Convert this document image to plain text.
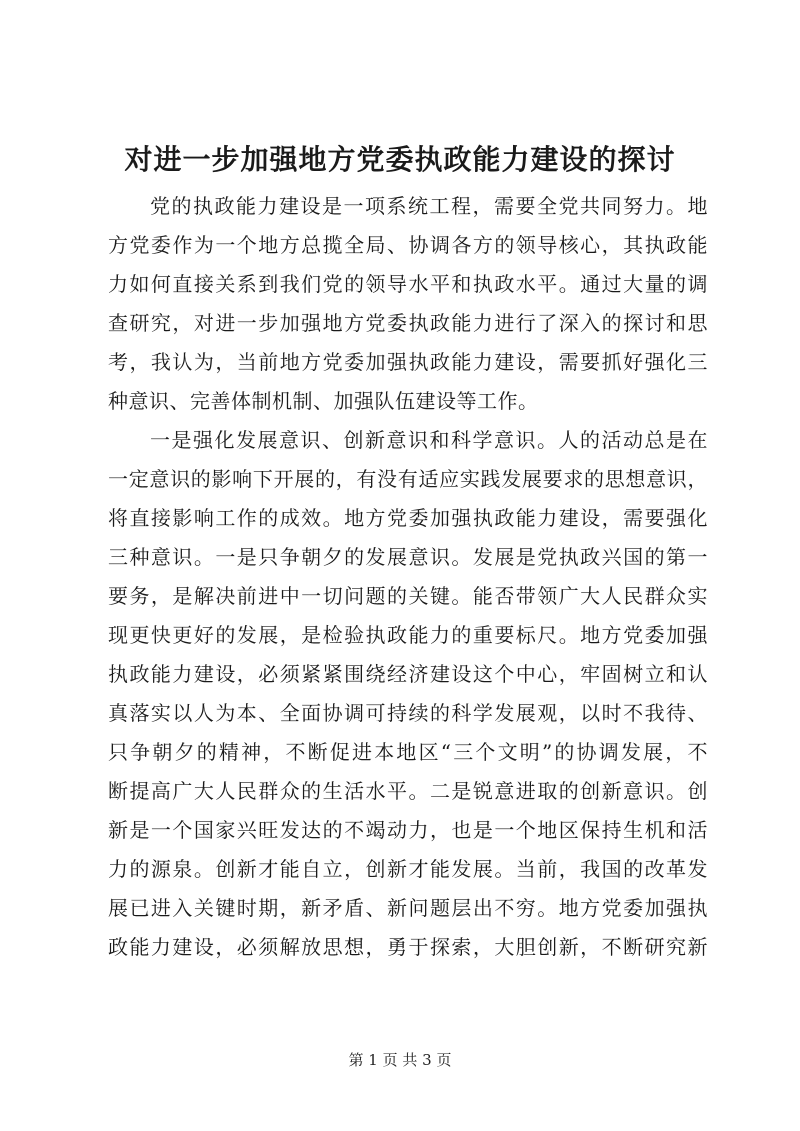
对进一步加强地方党委执政能力建设的探讨
党的执政能力建设是一项系统工程，需要全党共同努力。地
方党委作为一个地方总揽全局、协调各方的领导核心，其执政能
力如何直接关系到我们党的领导水平和执政水平。通过大量的调
查研究，对进一步加强地方党委执政能力进行了深入的探讨和思
考，我认为，当前地方党委加强执政能力建设，需要抓好强化三
种意识、完善体制机制、加强队伍建设等工作。
一是强化发展意识、创新意识和科学意识。人的活动总是在
一定意识的影响下开展的，有没有适应实践发展要求的思想意识，
将直接影响工作的成效。地方党委加强执政能力建设，需要强化
三种意识。一是只争朝夕的发展意识。发展是党执政兴国的第一
要务，是解决前进中一切问题的关键。能否带领广大人民群众实
现更快更好的发展，是检验执政能力的重要标尺。地方党委加强
执政能力建设，必须紧紧围绕经济建设这个中心，牢固树立和认
真落实以人为本、全面协调可持续的科学发展观，以时不我待、
只争朝夕的精神，不断促进本地区“三个文明”的协调发展，不
断提高广大人民群众的生活水平。二是锐意进取的创新意识。创
新是一个国家兴旺发达的不竭动力，也是一个地区保持生机和活
力的源泉。创新才能自立，创新才能发展。当前，我国的改革发
展已进入关键时期，新矛盾、新问题层出不穷。地方党委加强执
政能力建设，必须解放思想，勇于探索，大胆创新，不断研究新
第 1 页 共 3 页
